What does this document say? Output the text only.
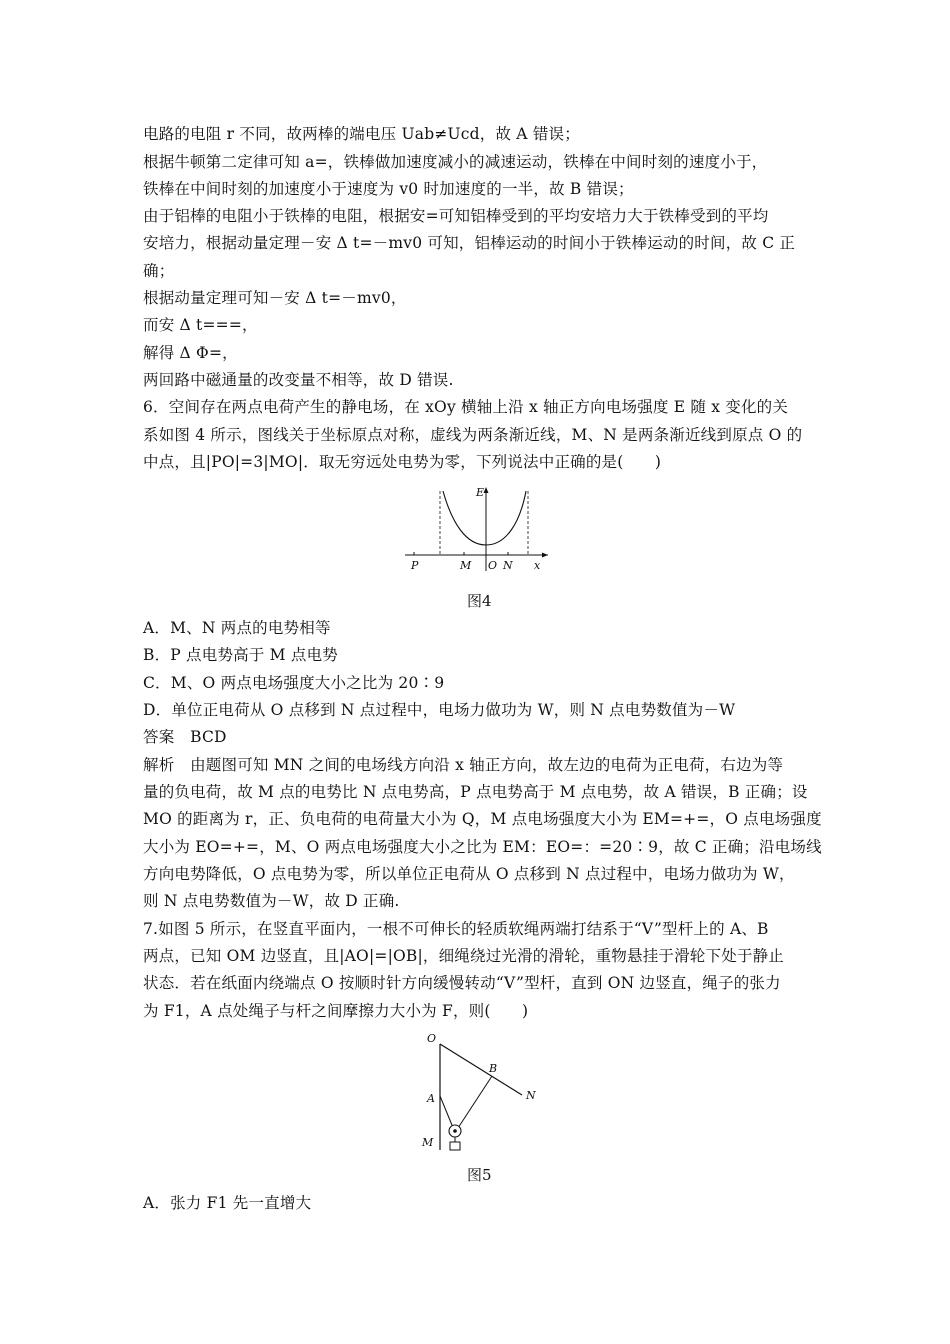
电路的电阻 r 不同，故两棒的端电压 Uab≠Ucd，故 A 错误；
根据牛顿第二定律可知 a=，铁棒做加速度减小的减速运动，铁棒在中间时刻的速度小于，
铁棒在中间时刻的加速度小于速度为 v0 时加速度的一半，故 B 错误；
由于铝棒的电阻小于铁棒的电阻，根据安=可知铝棒受到的平均安培力大于铁棒受到的平均
安培力，根据动量定理－安 Δ t=－mv0 可知，铝棒运动的时间小于铁棒运动的时间，故 C 正
确；
根据动量定理可知－安 Δ t=－mv0，
而安 Δ t===，
解得 Δ Φ=，
两回路中磁通量的改变量不相等，故 D 错误.
6．空间存在两点电荷产生的静电场，在 xOy 横轴上沿 x 轴正方向电场强度 E 随 x 变化的关
系如图 4 所示，图线关于坐标原点对称，虚线为两条渐近线，M、N 是两条渐近线到原点 O 的
中点，且|PO|=3|MO|．取无穷远处电势为零，下列说法中正确的是(　　)
E
P	M O N x
图4
A．M、N 两点的电势相等
B．P 点电势高于 M 点电势
C．M、O 两点电场强度大小之比为 20∶9
D．单位正电荷从 O 点移到 N 点过程中，电场力做功为 W，则 N 点电势数值为－W
答案　BCD
解析　由题图可知 MN 之间的电场线方向沿 x 轴正方向，故左边的电荷为正电荷，右边为等
量的负电荷，故 M 点的电势比 N 点电势高，P 点电势高于 M 点电势，故 A 错误，B 正确；设
MO 的距离为 r，正、负电荷的电荷量大小为 Q，M 点电场强度大小为 EM=+=，O 点电场强度
大小为 EO=+=，M、O 两点电场强度大小之比为 EM：EO=：=20∶9，故 C 正确；沿电场线
方向电势降低，O 点电势为零，所以单位正电荷从 O 点移到 N 点过程中，电场力做功为 W，
则 N 点电势数值为－W，故 D 正确.
7.如图 5 所示，在竖直平面内，一根不可伸长的轻质软绳两端打结系于“V”型杆上的 A、B
两点，已知 OM 边竖直，且|AO|=|OB|，细绳绕过光滑的滑轮，重物悬挂于滑轮下处于静止
状态．若在纸面内绕端点 O 按顺时针方向缓慢转动“V”型杆，直到 ON 边竖直，绳子的张力
为 F1，A 点处绳子与杆之间摩擦力大小为 F，则(　　)
O
A
B
N
M
图5
A．张力 F1 先一直增大
